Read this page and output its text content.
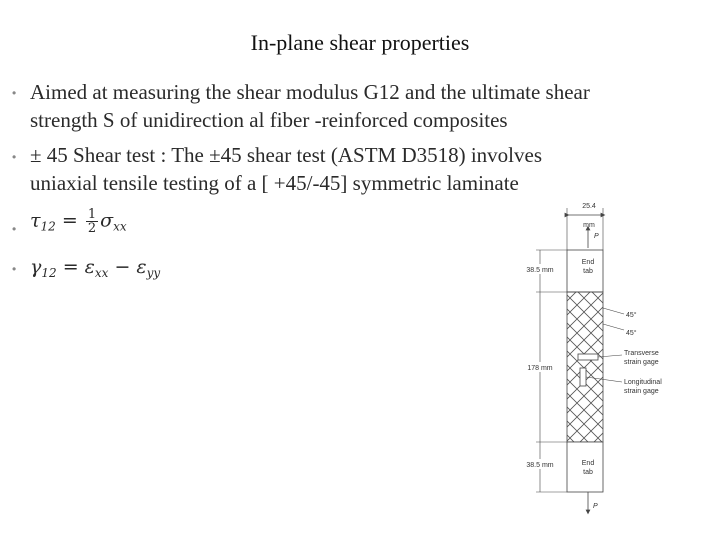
In-plane shear properties
• Aimed at measuring the shear modulus G12 and the ultimate shear
strength S of unidirection al fiber -reinforced composites
• ± 45 Shear test : The ±45 shear test (ASTM D3518) involves
uniaxial tensile testing of a [ +45/-45] symmetric laminate
• $\tau_{12} = \frac{1}{2} \sigma_{xx}$
• $\gamma_{12} = \varepsilon_{xx} - \varepsilon_{yy}$
25.4
mm
P
End
tab
End
tab
P
38.5 mm
178 mm
38.5 mm
45°
45°
Transverse
strain gage
Longitudinal
strain gage
